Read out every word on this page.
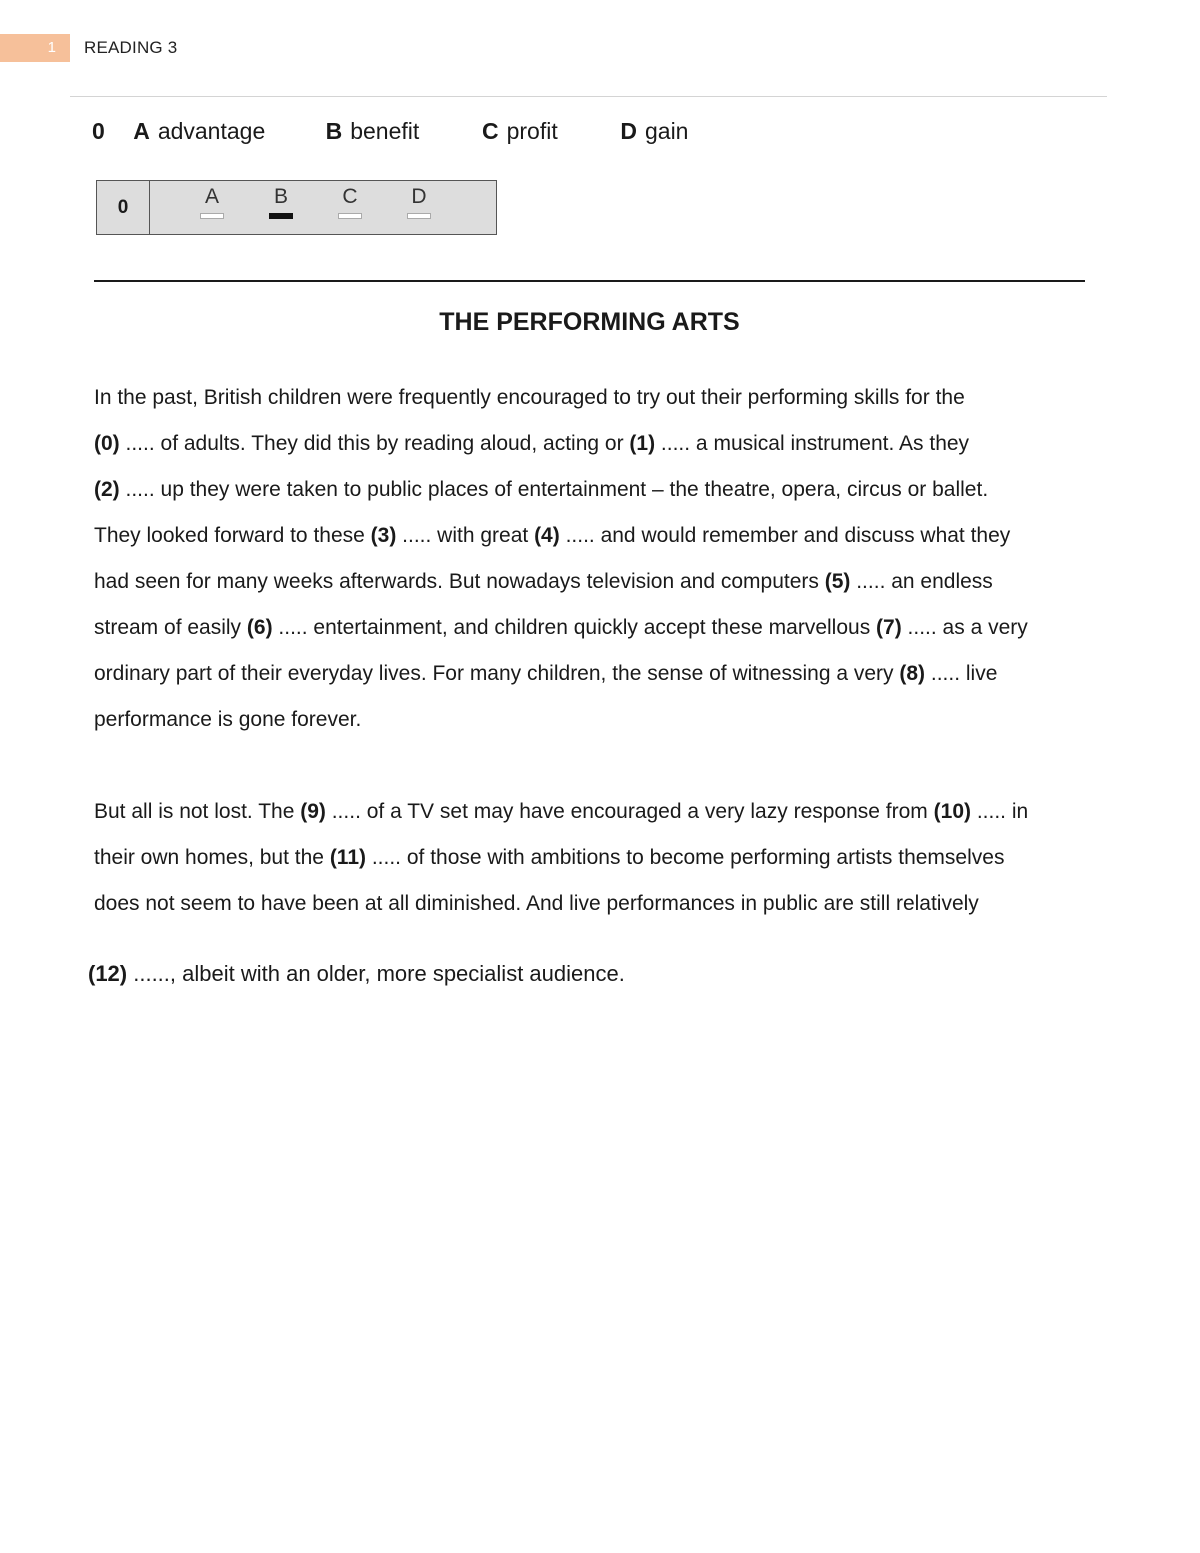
1	READING 3
0 A advantage	B benefit	C profit	D gain
0	A	B	C	D
THE PERFORMING ARTS

In the past, British children were frequently encouraged to try out their performing skills for the
(0) ..... of adults. They did this by reading aloud, acting or (1) ..... a musical instrument. As they
(2) ..... up they were taken to public places of entertainment – the theatre, opera, circus or ballet.
They looked forward to these (3) ..... with great (4) ..... and would remember and discuss what they
had seen for many weeks afterwards. But nowadays television and computers (5) ..... an endless
stream of easily (6) ..... entertainment, and children quickly accept these marvellous (7) ..... as a very
ordinary part of their everyday lives. For many children, the sense of witnessing a very (8) ..... live
performance is gone forever.

But all is not lost. The (9) ..... of a TV set may have encouraged a very lazy response from (10) ..... in
their own homes, but the (11) ..... of those with ambitions to become performing artists themselves
does not seem to have been at all diminished. And live performances in public are still relatively

(12) ......, albeit with an older, more specialist audience.
